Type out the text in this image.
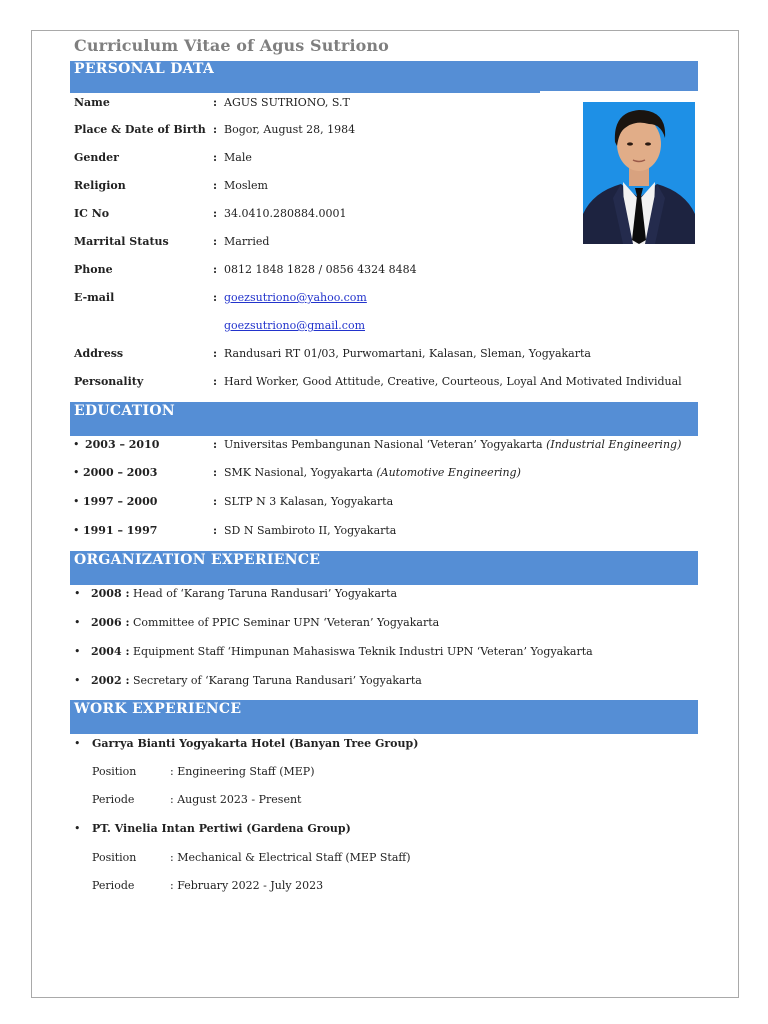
Curriculum Vitae of Agus Sutriono
PERSONAL DATA
Name	: AGUS SUTRIONO, S.T
Place & Date of Birth : Bogor, August 28, 1984
Gender	: Male
Religion	: Moslem
IC No	: 34.0410.280884.0001
Marrital Status	: Married
Phone	: 0812 1848 1828 / 0856 4324 8484
E-mail	: goezsutriono@yahoo.com
goezsutriono@gmail.com
Address	: Randusari RT 01/03, Purwomartani, Kalasan, Sleman, Yogyakarta
Personality	: Hard Worker, Good Attitude, Creative, Courteous, Loyal And Motivated Individual
EDUCATION
• 2003 – 2010	: Universitas Pembangunan Nasional ‘Veteran’ Yogyakarta (Industrial Engineering)
• 2000 – 2003	: SMK Nasional, Yogyakarta (Automotive Engineering)
• 1997 – 2000	: SLTP N 3 Kalasan, Yogyakarta
• 1991 – 1997	: SD N Sambiroto II, Yogyakarta
ORGANIZATION EXPERIENCE
• 2008 : Head of ‘Karang Taruna Randusari’ Yogyakarta
• 2006 : Committee of PPIC Seminar UPN ‘Veteran’ Yogyakarta
• 2004 : Equipment Staff ‘Himpunan Mahasiswa Teknik Industri UPN ‘Veteran’ Yogyakarta
• 2002 : Secretary of ‘Karang Taruna Randusari’ Yogyakarta
WORK EXPERIENCE
• Garrya Bianti Yogyakarta Hotel (Banyan Tree Group)
Position	: Engineering Staff (MEP)
Periode	: August 2023 - Present
• PT. Vinelia Intan Pertiwi (Gardena Group)
Position	: Mechanical & Electrical Staff (MEP Staff)
Periode	: February 2022 - July 2023
